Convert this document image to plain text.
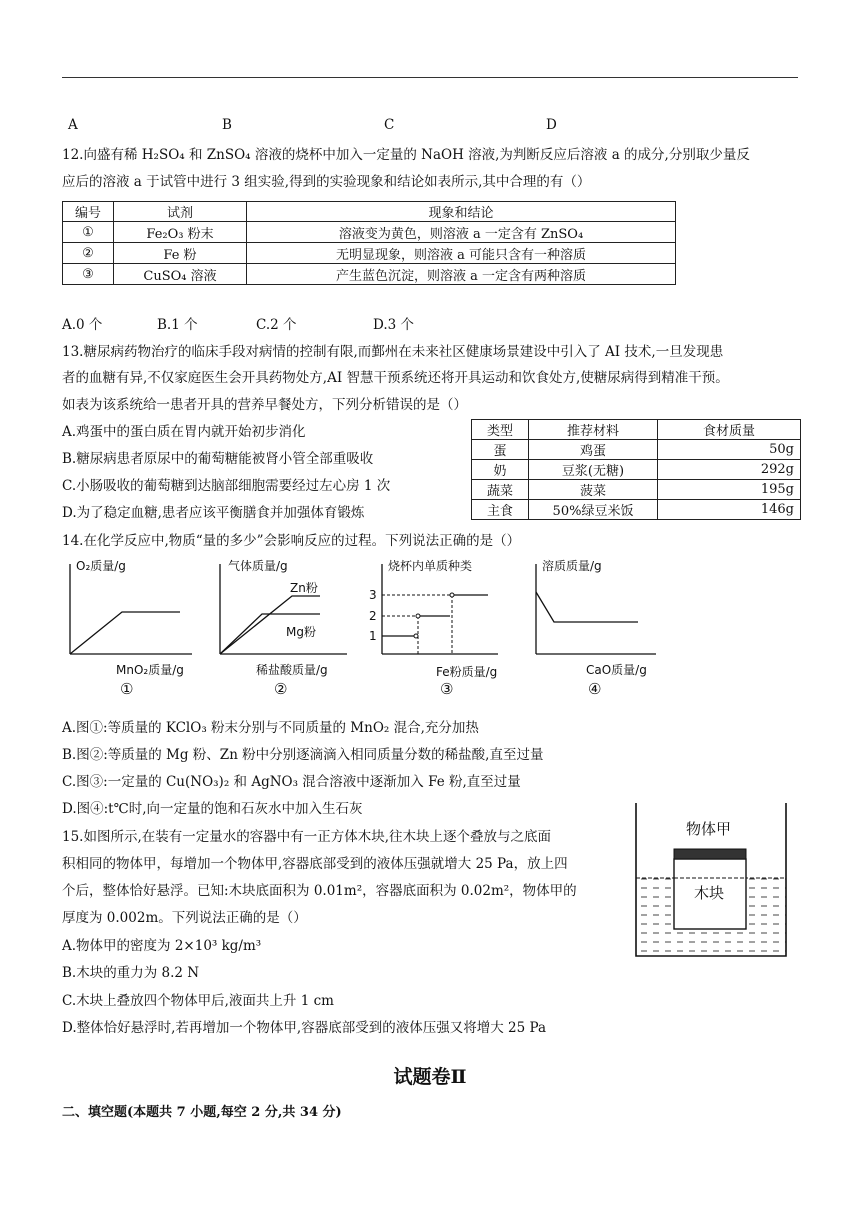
A	B	C	D
12.向盛有稀 H₂SO₄ 和 ZnSO₄ 溶液的烧杯中加入一定量的 NaOH 溶液,为判断反应后溶液 a 的成分,分别取少量反
应后的溶液 a 于试管中进行 3 组实验,得到的实验现象和结论如表所示,其中合理的有（）
编号	试剂	现象和结论
①	Fe₂O₃ 粉末	溶液变为黄色，则溶液 a 一定含有 ZnSO₄
②	Fe 粉	无明显现象，则溶液 a 可能只含有一种溶质
③	CuSO₄ 溶液	产生蓝色沉淀，则溶液 a 一定含有两种溶质
A.0 个	B.1 个	C.2 个	D.3 个
13.糖尿病药物治疗的临床手段对病情的控制有限,而鄞州在未来社区健康场景建设中引入了 AI 技术,一旦发现患
者的血糖有异,不仅家庭医生会开具药物处方,AI 智慧干预系统还将开具运动和饮食处方,使糖尿病得到精准干预。
如表为该系统给一患者开具的营养早餐处方，下列分析错误的是（）
A.鸡蛋中的蛋白质在胃内就开始初步消化
B.糖尿病患者原尿中的葡萄糖能被肾小管全部重吸收
C.小肠吸收的葡萄糖到达脑部细胞需要经过左心房 1 次
D.为了稳定血糖,患者应该平衡膳食并加强体育锻炼
类型	推荐材料	食材质量
蛋	鸡蛋	50g
奶	豆浆(无糖)	292g
蔬菜	菠菜	195g
主食	50%绿豆米饭	146g
14.在化学反应中,物质“量的多少”会影响反应的过程。下列说法正确的是（）
O₂质量/g
MnO₂质量/g
①
气体质量/g
Zn粉
Mg粉
稀盐酸质量/g
②
烧杯内单质种类
3
2
1
Fe粉质量/g
③
溶质质量/g
CaO质量/g
④
A.图①:等质量的 KClO₃ 粉末分别与不同质量的 MnO₂ 混合,充分加热
B.图②:等质量的 Mg 粉、Zn 粉中分别逐滴滴入相同质量分数的稀盐酸,直至过量
C.图③:一定量的 Cu(NO₃)₂ 和 AgNO₃ 混合溶液中逐渐加入 Fe 粉,直至过量
D.图④:t℃时,向一定量的饱和石灰水中加入生石灰
15.如图所示,在装有一定量水的容器中有一正方体木块,往木块上逐个叠放与之底面
积相同的物体甲，每增加一个物体甲,容器底部受到的液体压强就增大 25 Pa，放上四
个后，整体恰好悬浮。已知:木块底面积为 0.01m²，容器底面积为 0.02m²，物体甲的
厚度为 0.002m。下列说法正确的是（）
A.物体甲的密度为 2×10³ kg/m³
B.木块的重力为 8.2 N
C.木块上叠放四个物体甲后,液面共上升 1 cm
D.整体恰好悬浮时,若再增加一个物体甲,容器底部受到的液体压强又将增大 25 Pa
物体甲
木块
试题卷Ⅱ
二、填空题(本题共 7 小题,每空 2 分,共 34 分)
